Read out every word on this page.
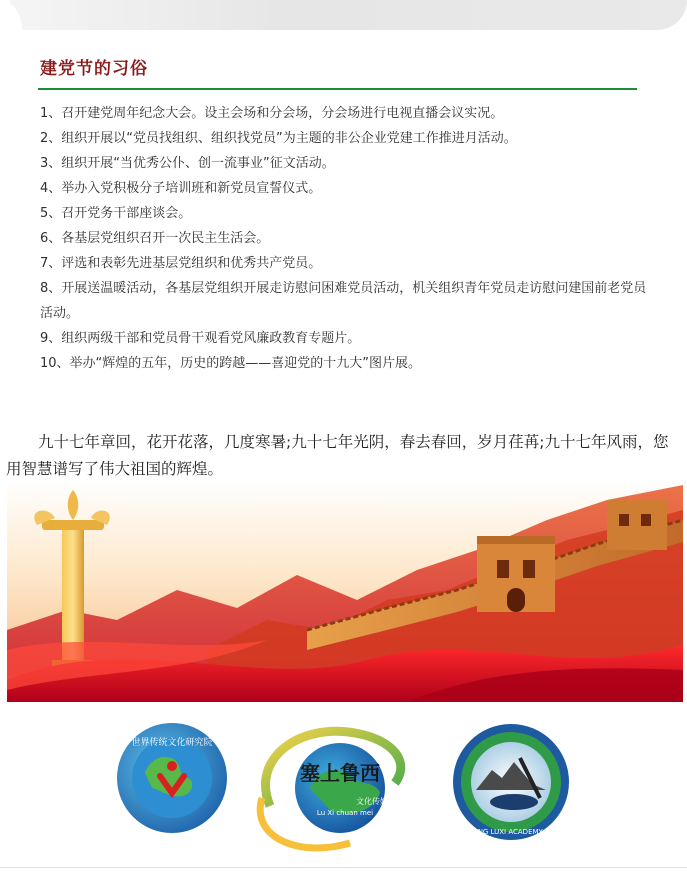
建党节的习俗
1、召开建党周年纪念大会。设主会场和分会场，分会场进行电视直播会议实况。
2、组织开展以“党员找组织、组织找党员”为主题的非公企业党建工作推进月活动。
3、组织开展“当优秀公仆、创一流事业”征文活动。
4、举办入党积极分子培训班和新党员宣誓仪式。
5、召开党务干部座谈会。
6、各基层党组织召开一次民主生活会。
7、评选和表彰先进基层党组织和优秀共产党员。
8、开展送温暖活动，各基层党组织开展走访慰问困难党员活动，机关组织青年党员走访慰问建国前老党员活动。
9、组织两级干部和党员骨干观看党风廉政教育专题片。
10、举办“辉煌的五年，历史的跨越——喜迎党的十九大”图片展。

九十七年章回，花开花落，几度寒暑;九十七年光阴，春去春回，岁月荏苒;九十七年风雨，您用智慧谱写了伟大祖国的辉煌。

世界传统文化研究院
塞上鲁西
文化传媒
Lu Xi chuan mei
SAISHANG LUXI ACADEMY OF ART
